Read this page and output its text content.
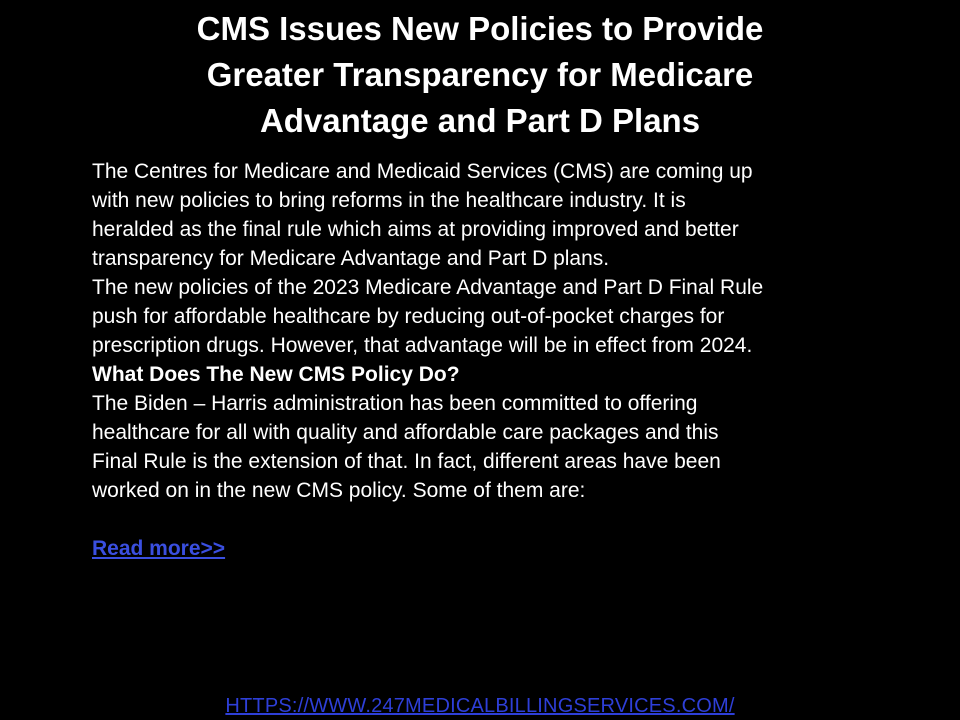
CMS Issues New Policies to Provide
Greater Transparency for Medicare
Advantage and Part D Plans
The Centres for Medicare and Medicaid Services (CMS) are coming up
with new policies to bring reforms in the healthcare industry. It is
heralded as the final rule which aims at providing improved and better
transparency for Medicare Advantage and Part D plans.
The new policies of the 2023 Medicare Advantage and Part D Final Rule
push for affordable healthcare by reducing out-of-pocket charges for
prescription drugs. However, that advantage will be in effect from 2024.
What Does The New CMS Policy Do?
The Biden – Harris administration has been committed to offering
healthcare for all with quality and affordable care packages and this
Final Rule is the extension of that. In fact, different areas have been
worked on in the new CMS policy. Some of them are:
Read more>>
HTTPS://WWW.247MEDICALBILLINGSERVICES.COM/
